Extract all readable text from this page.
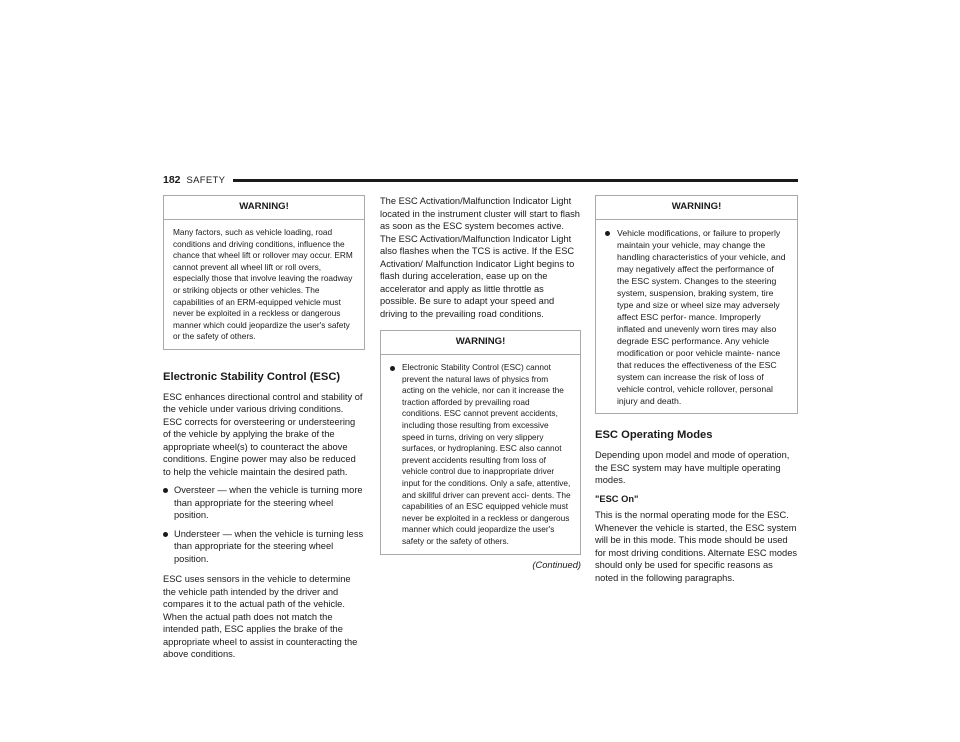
182 SAFETY
WARNING!
Many factors, such as vehicle loading, road conditions and driving conditions, influence the chance that wheel lift or rollover may occur. ERM cannot prevent all wheel lift or roll overs, especially those that involve leaving the roadway or striking objects or other vehicles. The capabilities of an ERM-equipped vehicle must never be exploited in a reckless or dangerous manner which could jeopardize the user's safety or the safety of others.

Electronic Stability Control (ESC)

ESC enhances directional control and stability of the vehicle under various driving conditions. ESC corrects for oversteering or understeering of the vehicle by applying the brake of the appropriate wheel(s) to counteract the above conditions. Engine power may also be reduced to help the vehicle maintain the desired path.

Oversteer — when the vehicle is turning more than appropriate for the steering wheel position.
Understeer — when the vehicle is turning less than appropriate for the steering wheel position.

ESC uses sensors in the vehicle to determine the vehicle path intended by the driver and compares it to the actual path of the vehicle. When the actual path does not match the intended path, ESC applies the brake of the appropriate wheel to assist in counteracting the above conditions.

The ESC Activation/Malfunction Indicator Light located in the instrument cluster will start to flash as soon as the ESC system becomes active. The ESC Activation/Malfunction Indicator Light also flashes when the TCS is active. If the ESC Activation/ Malfunction Indicator Light begins to flash during acceleration, ease up on the accelerator and apply as little throttle as possible. Be sure to adapt your speed and driving to the prevailing road conditions.

WARNING!
Electronic Stability Control (ESC) cannot prevent the natural laws of physics from acting on the vehicle, nor can it increase the traction afforded by prevailing road conditions. ESC cannot prevent accidents, including those resulting from excessive speed in turns, driving on very slippery surfaces, or hydroplaning. ESC also cannot prevent accidents resulting from loss of vehicle control due to inappropriate driver input for the conditions. Only a safe, attentive, and skillful driver can prevent acci- dents. The capabilities of an ESC equipped vehicle must never be exploited in a reckless or dangerous manner which could jeopardize the user's safety or the safety of others.
(Continued)
WARNING!
Vehicle modifications, or failure to properly maintain your vehicle, may change the handling characteristics of your vehicle, and may negatively affect the performance of the ESC system. Changes to the steering system, suspension, braking system, tire type and size or wheel size may adversely affect ESC perfor- mance. Improperly inflated and unevenly worn tires may also degrade ESC performance. Any vehicle modification or poor vehicle mainte- nance that reduces the effectiveness of the ESC system can increase the risk of loss of vehicle control, vehicle rollover, personal injury and death.

ESC Operating Modes

Depending upon model and mode of operation, the ESC system may have multiple operating modes.

"ESC On"

This is the normal operating mode for the ESC. Whenever the vehicle is started, the ESC system will be in this mode. This mode should be used for most driving conditions. Alternate ESC modes should only be used for specific reasons as noted in the following paragraphs.
